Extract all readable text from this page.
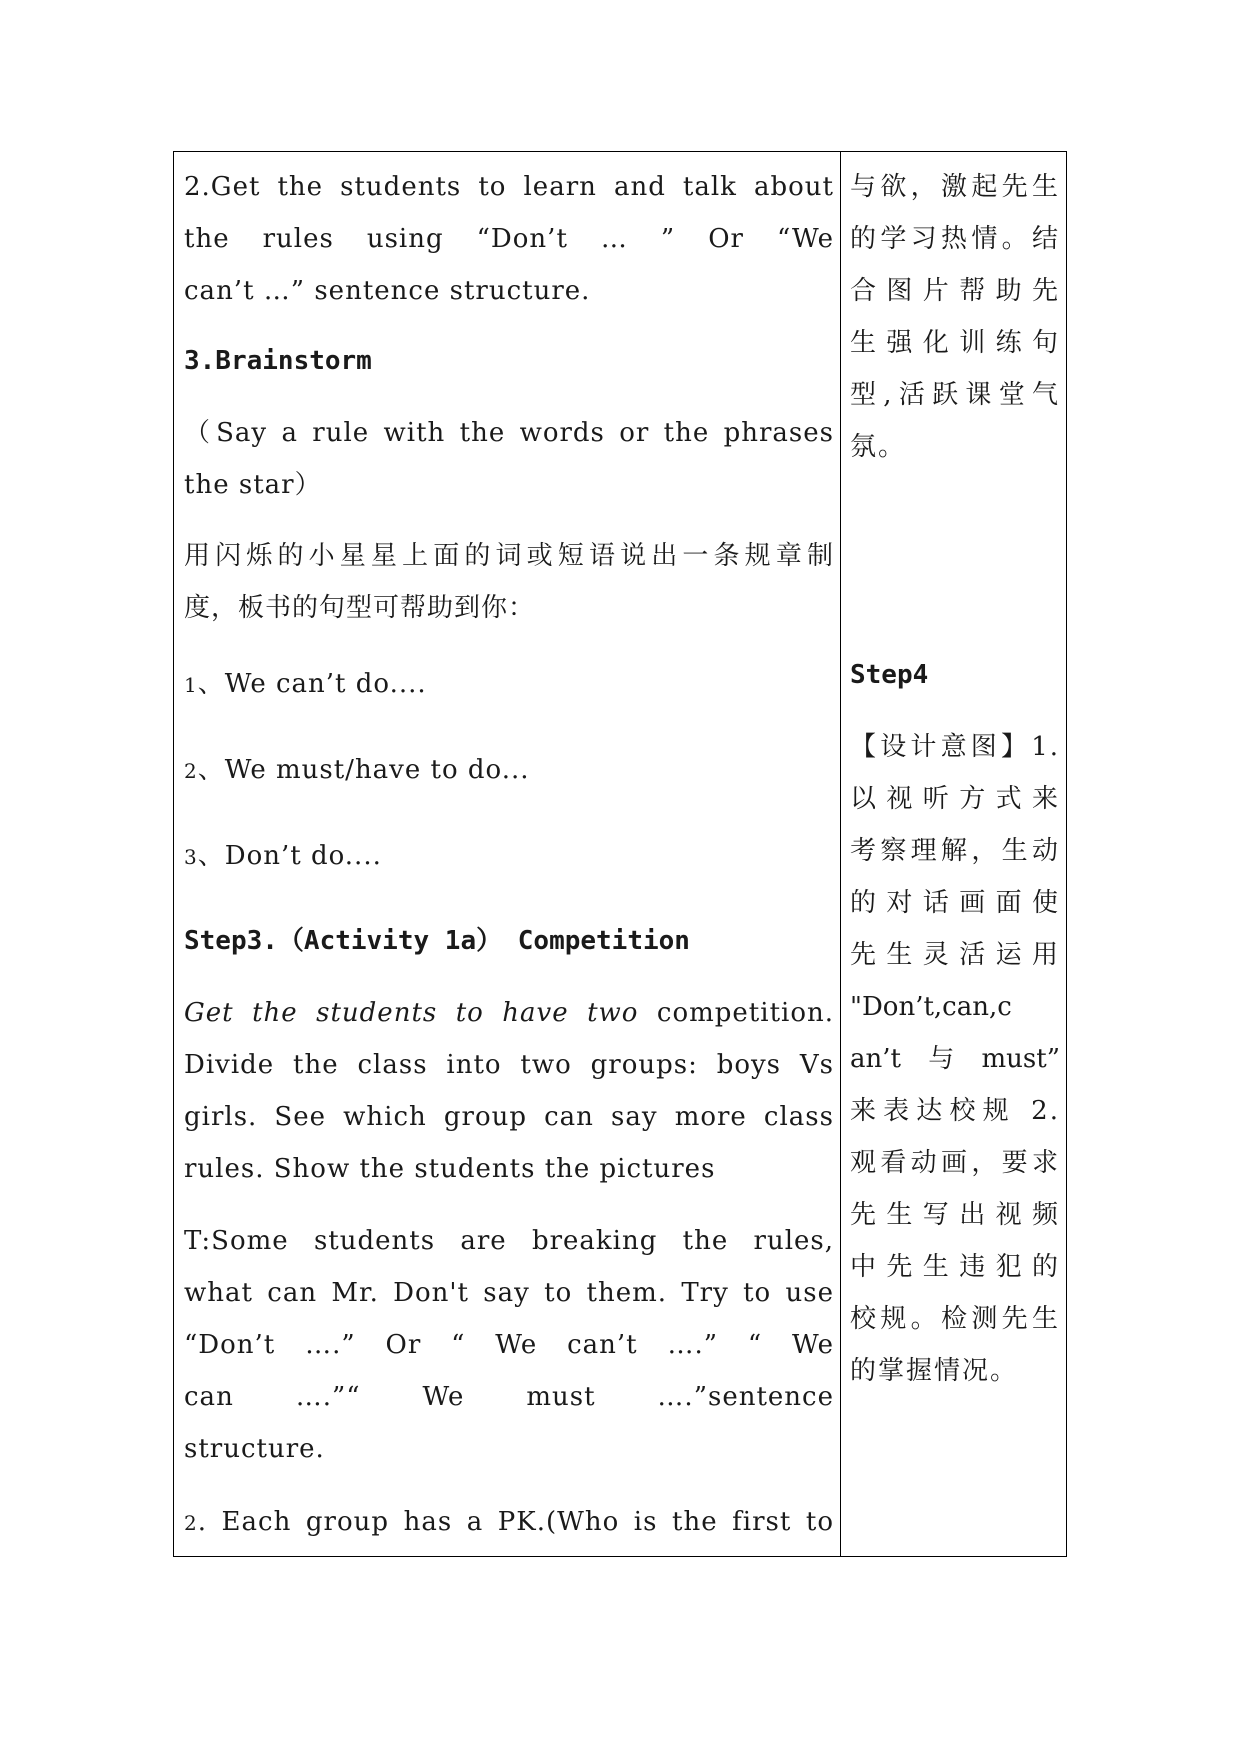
2.Get the students to learn and talk about

the rules using “Don’t … ” Or “We

can’t …” sentence structure.

3.Brainstorm

（Say a rule with the words or the phrases

the star）

用闪烁的小星星上面的词或短语说出一条规章制

度，板书的句型可帮助到你：

1、We can’t do....

2、We must/have to do...

3、Don’t do....

Step3.（Activity 1a） Competition

Get the students to have two competition.

Divide the class into two groups: boys Vs

girls. See which group can say more class

rules. Show the students the pictures

T:Some students are breaking the rules,

what can Mr. Don't say to them. Try to use

“Don’t ….” Or “ We can’t ….” “ We

can ….”“ We must ….”sentence

structure.

2. Each group has a PK.(Who is the first to

与欲，激起先生

的学习热情。结

合图片帮助先

生强化训练句

型,活跃课堂气

氛。

Step4

【设计意图】1.

以视听方式来

考察理解，生动

的对话画面使

先生灵活运用

"Don’t,can,c

an’t与must”

来表达校规 2.

观看动画，要求

先生写出视频

中先生违犯的

校规。检测先生

的掌握情况。
